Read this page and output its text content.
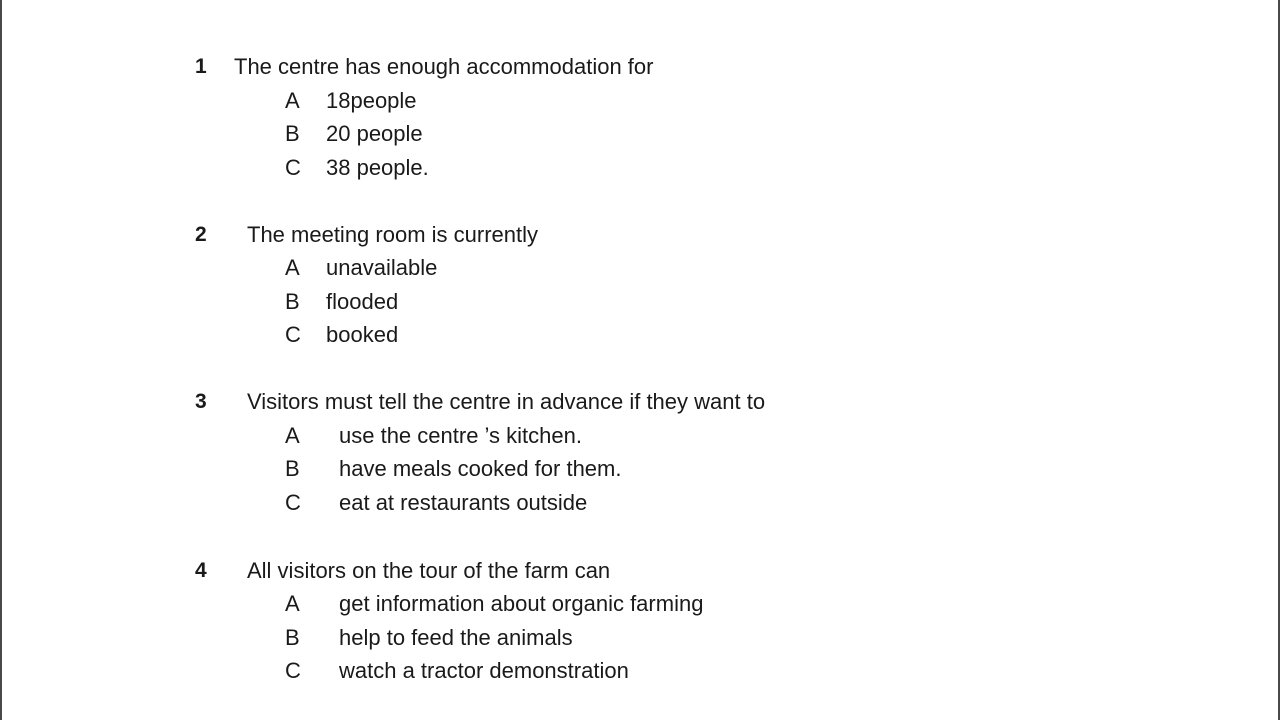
1 The centre has enough accommodation for
A 18people
B 20 people
C 38 people.
2 The meeting room is currently
A unavailable
B flooded
C booked
3 Visitors must tell the centre in advance if they want to
A use the centre ’s kitchen.
B have meals cooked for them.
C eat at restaurants outside
4 All visitors on the tour of the farm can
A get information about organic farming
B help to feed the animals
C watch a tractor demonstration
